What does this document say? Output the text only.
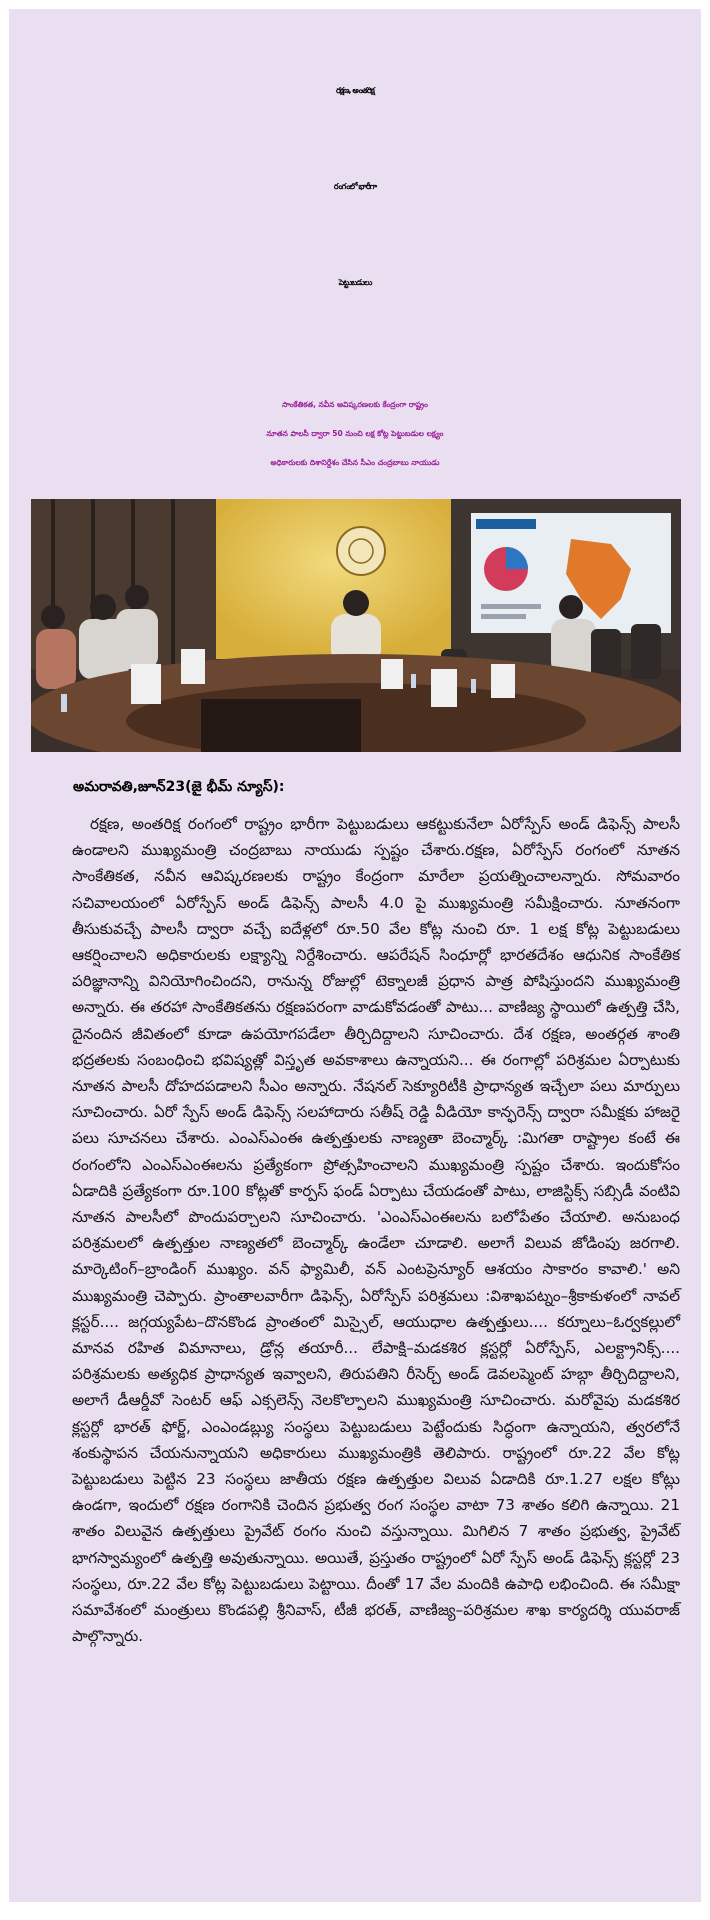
రక్షణ, అంతరిక్ష
రంగంలో భారీగా
పెట్టుబడులు
సాంకేతికత, నవీన ఆవిష్కరణలకు కేంద్రంగా రాష్ట్రం
నూతన పాలసీ ద్వారా 50 నుంచి లక్ష కోట్ల పెట్టుబడుల లక్ష్యం
అధికారులకు దిశానిర్దేశం చేసిన సీఎం చంద్రబాబు నాయుడు
అమరావతి,జూన్23(జై భీమ్ న్యూస్):

రక్షణ, అంతరిక్ష రంగంలో రాష్ట్రం భారీగా పెట్టుబడులు ఆకట్టుకునేలా ఏరోస్పేస్ అండ్ డిఫెన్స్ పాలసీ ఉండాలని ముఖ్యమంత్రి చంద్రబాబు నాయుడు స్పష్టం చేశారు.రక్షణ, ఏరోస్పేస్ రంగంలో నూతన సాంకేతికత, నవీన ఆవిష్కరణలకు రాష్ట్రం కేంద్రంగా మారేలా ప్రయత్నించాలన్నారు. సోమవారం సచివాలయంలో ఏరోస్పేస్ అండ్ డిఫెన్స్ పాలసీ 4.0 పై ముఖ్యమంత్రి సమీక్షించారు. నూతనంగా తీసుకువచ్చే పాలసీ ద్వారా వచ్చే ఐదేళ్లలో రూ.50 వేల కోట్ల నుంచి రూ. 1 లక్ష కోట్ల పెట్టుబడులు ఆకర్షించాలని అధికారులకు లక్ష్యాన్ని నిర్దేశించారు. ఆపరేషన్ సింధూర్లో భారతదేశం ఆధునిక సాంకేతిక పరిజ్ఞానాన్ని వినియోగించిందని, రానున్న రోజుల్లో టెక్నాలజీ ప్రధాన పాత్ర పోషిస్తుందని ముఖ్యమంత్రి అన్నారు. ఈ తరహా సాంకేతికతను రక్షణపరంగా వాడుకోవడంతో పాటు... వాణిజ్య స్థాయిలో ఉత్పత్తి చేసి, దైనందిన జీవితంలో కూడా ఉపయోగపడేలా తీర్చిదిద్దాలని సూచించారు. దేశ రక్షణ, అంతర్గత శాంతి భద్రతలకు సంబంధించి భవిష్యత్లో విస్తృత అవకాశాలు ఉన్నాయని... ఈ రంగాల్లో పరిశ్రమల ఏర్పాటుకు నూతన పాలసీ దోహదపడాలని సీఎం అన్నారు. నేషనల్ సెక్యూరిటీకి ప్రాధాన్యత ఇచ్చేలా పలు మార్పులు సూచించారు. ఏరో స్పేస్ అండ్ డిఫెన్స్ సలహాదారు సతీష్ రెడ్డి వీడియో కాన్ఫరెన్స్ ద్వారా సమీక్షకు హాజరై పలు సూచనలు చేశారు. ఎంఎస్ఎంఈ ఉత్పత్తులకు నాణ్యతా బెంచ్మార్క్ :మిగతా రాష్ట్రాల కంటే ఈ రంగంలోని ఎంఎస్ఎంఈలను ప్రత్యేకంగా ప్రోత్సహించాలని ముఖ్యమంత్రి స్పష్టం చేశారు. ఇందుకోసం ఏడాదికి ప్రత్యేకంగా రూ.100 కోట్లతో కార్పస్ ఫండ్ ఏర్పాటు చేయడంతో పాటు, లాజిస్టిక్స్ సబ్సిడీ వంటివి నూతన పాలసీలో పొందుపర్చాలని సూచించారు. 'ఎంఎస్ఎంఈలను బలోపేతం చేయాలి. అనుబంధ పరిశ్రమలలో ఉత్పత్తుల నాణ్యతలో బెంచ్మార్క్ ఉండేలా చూడాలి. అలాగే విలువ జోడింపు జరగాలి. మార్కెటింగ్–బ్రాండింగ్ ముఖ్యం. వన్ ఫ్యామిలీ, వన్ ఎంటప్రెన్యూర్ ఆశయం సాకారం కావాలి.' అని ముఖ్యమంత్రి చెప్పారు. ప్రాంతాలవారీగా డిఫెన్స్, ఏరోస్పేస్ పరిశ్రమలు :విశాఖపట్నం–శ్రీకాకుళంలో నావల్ క్లస్టర్.... జగ్గయ్యపేట–దొనకొండ ప్రాంతంలో మిస్సైల్, ఆయుధాల ఉత్పత్తులు.... కర్నూలు–ఓర్వకల్లులో మానవ రహిత విమానాలు, డ్రోన్ల తయారీ... లేపాక్షి–మడకశిర క్లస్టర్లో ఏరోస్పేస్, ఎలక్ట్రానిక్స్.... పరిశ్రమలకు అత్యధిక ప్రాధాన్యత ఇవ్వాలని, తిరుపతిని రీసెర్చ్ అండ్ డెవలప్మెంట్ హబ్గా తీర్చిదిద్దాలని, అలాగే డీఆర్డీవో సెంటర్ ఆఫ్ ఎక్సలెన్స్ నెలకొల్పాలని ముఖ్యమంత్రి సూచించారు. మరోవైపు మడకశిర క్లస్టర్లో భారత్ ఫోర్జ్, ఎంఎండబ్ల్యు సంస్థలు పెట్టుబడులు పెట్టేందుకు సిద్ధంగా ఉన్నాయని, త్వరలోనే శంకుస్థాపన చేయనున్నాయని అధికారులు ముఖ్యమంత్రికి తెలిపారు. రాష్ట్రంలో రూ.22 వేల కోట్ల పెట్టుబడులు పెట్టిన 23 సంస్థలు జాతీయ రక్షణ ఉత్పత్తుల విలువ ఏడాదికి రూ.1.27 లక్షల కోట్లు ఉండగా, ఇందులో రక్షణ రంగానికి చెందిన ప్రభుత్వ రంగ సంస్థల వాటా 73 శాతం కలిగి ఉన్నాయి. 21 శాతం విలువైన ఉత్పత్తులు ప్రైవేట్ రంగం నుంచి వస్తున్నాయి. మిగిలిన 7 శాతం ప్రభుత్వ, ప్రైవేట్ భాగస్వామ్యంలో ఉత్పత్తి అవుతున్నాయి. అయితే, ప్రస్తుతం రాష్ట్రంలో ఏరో స్పేస్ అండ్ డిఫెన్స్ క్లస్టర్లో 23 సంస్థలు, రూ.22 వేల కోట్ల పెట్టుబడులు పెట్టాయి. దీంతో 17 వేల మందికి ఉపాధి లభించింది. ఈ సమీక్షా సమావేశంలో మంత్రులు కొండపల్లి శ్రీనివాస్, టీజీ భరత్, వాణిజ్య–పరిశ్రమల శాఖ కార్యదర్శి యువరాజ్ పాల్గొన్నారు.
